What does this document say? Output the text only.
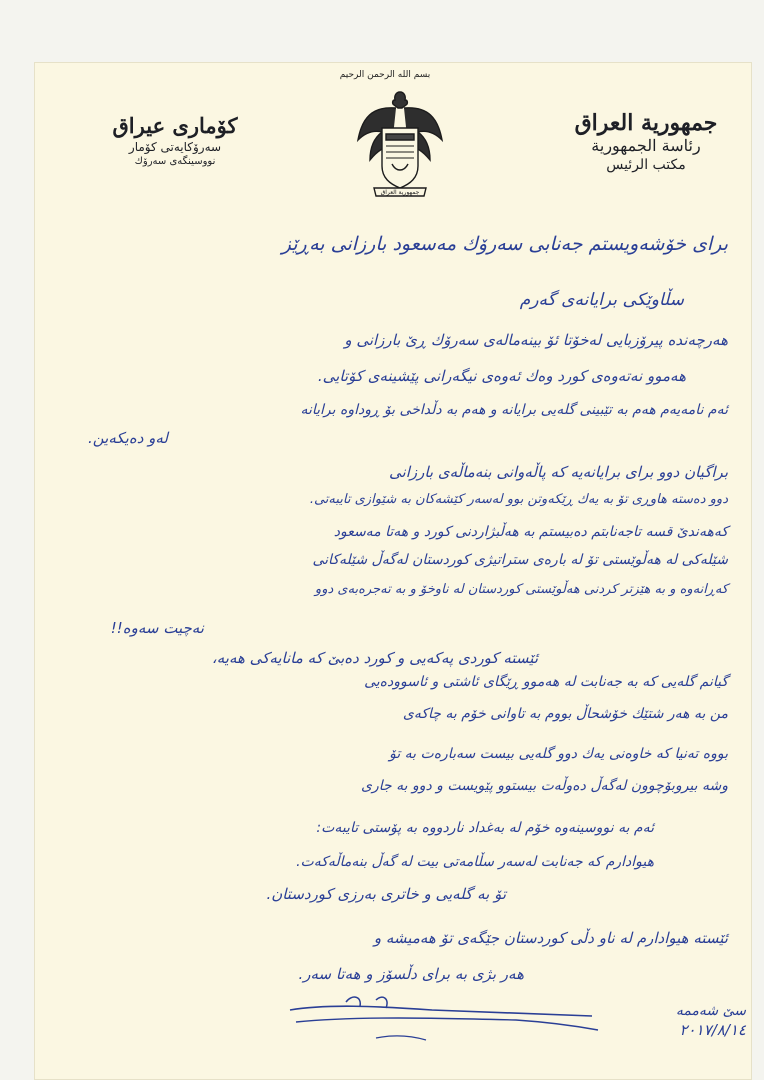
بسم الله الرحمن الرحيم
جمهورية العراق
رئاسة الجمهورية
مكتب الرئيس
كۆماری عیراق
سەرۆكایەتی كۆمار
نووسینگەی سەرۆك
جمهورية العراق
برای خۆشەویستم جەنابی سەرۆك مەسعود بارزانی بەڕێز
سڵاوێكی برایانەی گەرم
هەرچەندە پیرۆزبایی لەخۆتا ئۆ بینەمالەی سەرۆك ڕێ بارزانی و
هەموو نەتەوەی كورد وەك ئەوەی نیگەرانی پێشینەی كۆتایی.
ئەم نامەیەم هەم بە تێبینی گلەیی برایانە و هەم بە دڵداخی بۆ ڕوداوە برایانە
لەو دەیكەین.
براگیان دوو برای برایانەیە كە پاڵەوانی بنەماڵەی بارزانی
دوو دەستە هاوڕی تۆ بە یەك ڕێكەوتن بوو لەسەر كێشەكان بە شێوازی تایبەتی.
كەهەندێ قسە تاجەنابتم دەبیستم بە هەڵبژاردنی كورد و هەتا مەسعود
شێلەكی لە هەڵوێستی تۆ لە بارەی ستراتیژی كوردستان لەگەڵ شێلەكانی
كەڕانەوە و بە هێزتر كردنی هەڵوێستی كوردستان لە ناوخۆ و بە تەجرەبەی دوو
نەچیت سەوە!!
ئێستە كوردی پەكەیی و كورد دەبێ كە مانایەكی هەیە،
گیانم گلەیی كە بە جەنابت لە هەموو ڕێگای ئاشتی و ئاسوودەیی
من بە هەر شتێك خۆشحاڵ بووم بە تاوانی خۆم بە چاكەی
بووە تەنیا كە خاوەنی یەك دوو گلەیی بیست سەبارەت بە تۆ
وشە بیروبۆچوون لەگەڵ دەوڵەت بیستوو پێویست و دوو بە جاری
ئەم بە نووسینەوە خۆم لە بەغداد ناردووە بە پۆستی تایبەت:
هیوادارم كە جەنابت لەسەر سڵامەتی بیت لە گەڵ بنەماڵەكەت.
تۆ بە گلەیی و خاتری بەرزی كوردستان.
ئێستە هیوادارم لە ناو دڵی كوردستان جێگەی تۆ هەمیشە و
هەر بژی بە برای دڵسۆز و هەتا سەر.
سێ شەممە
٢٠١٧/٨/١٤
